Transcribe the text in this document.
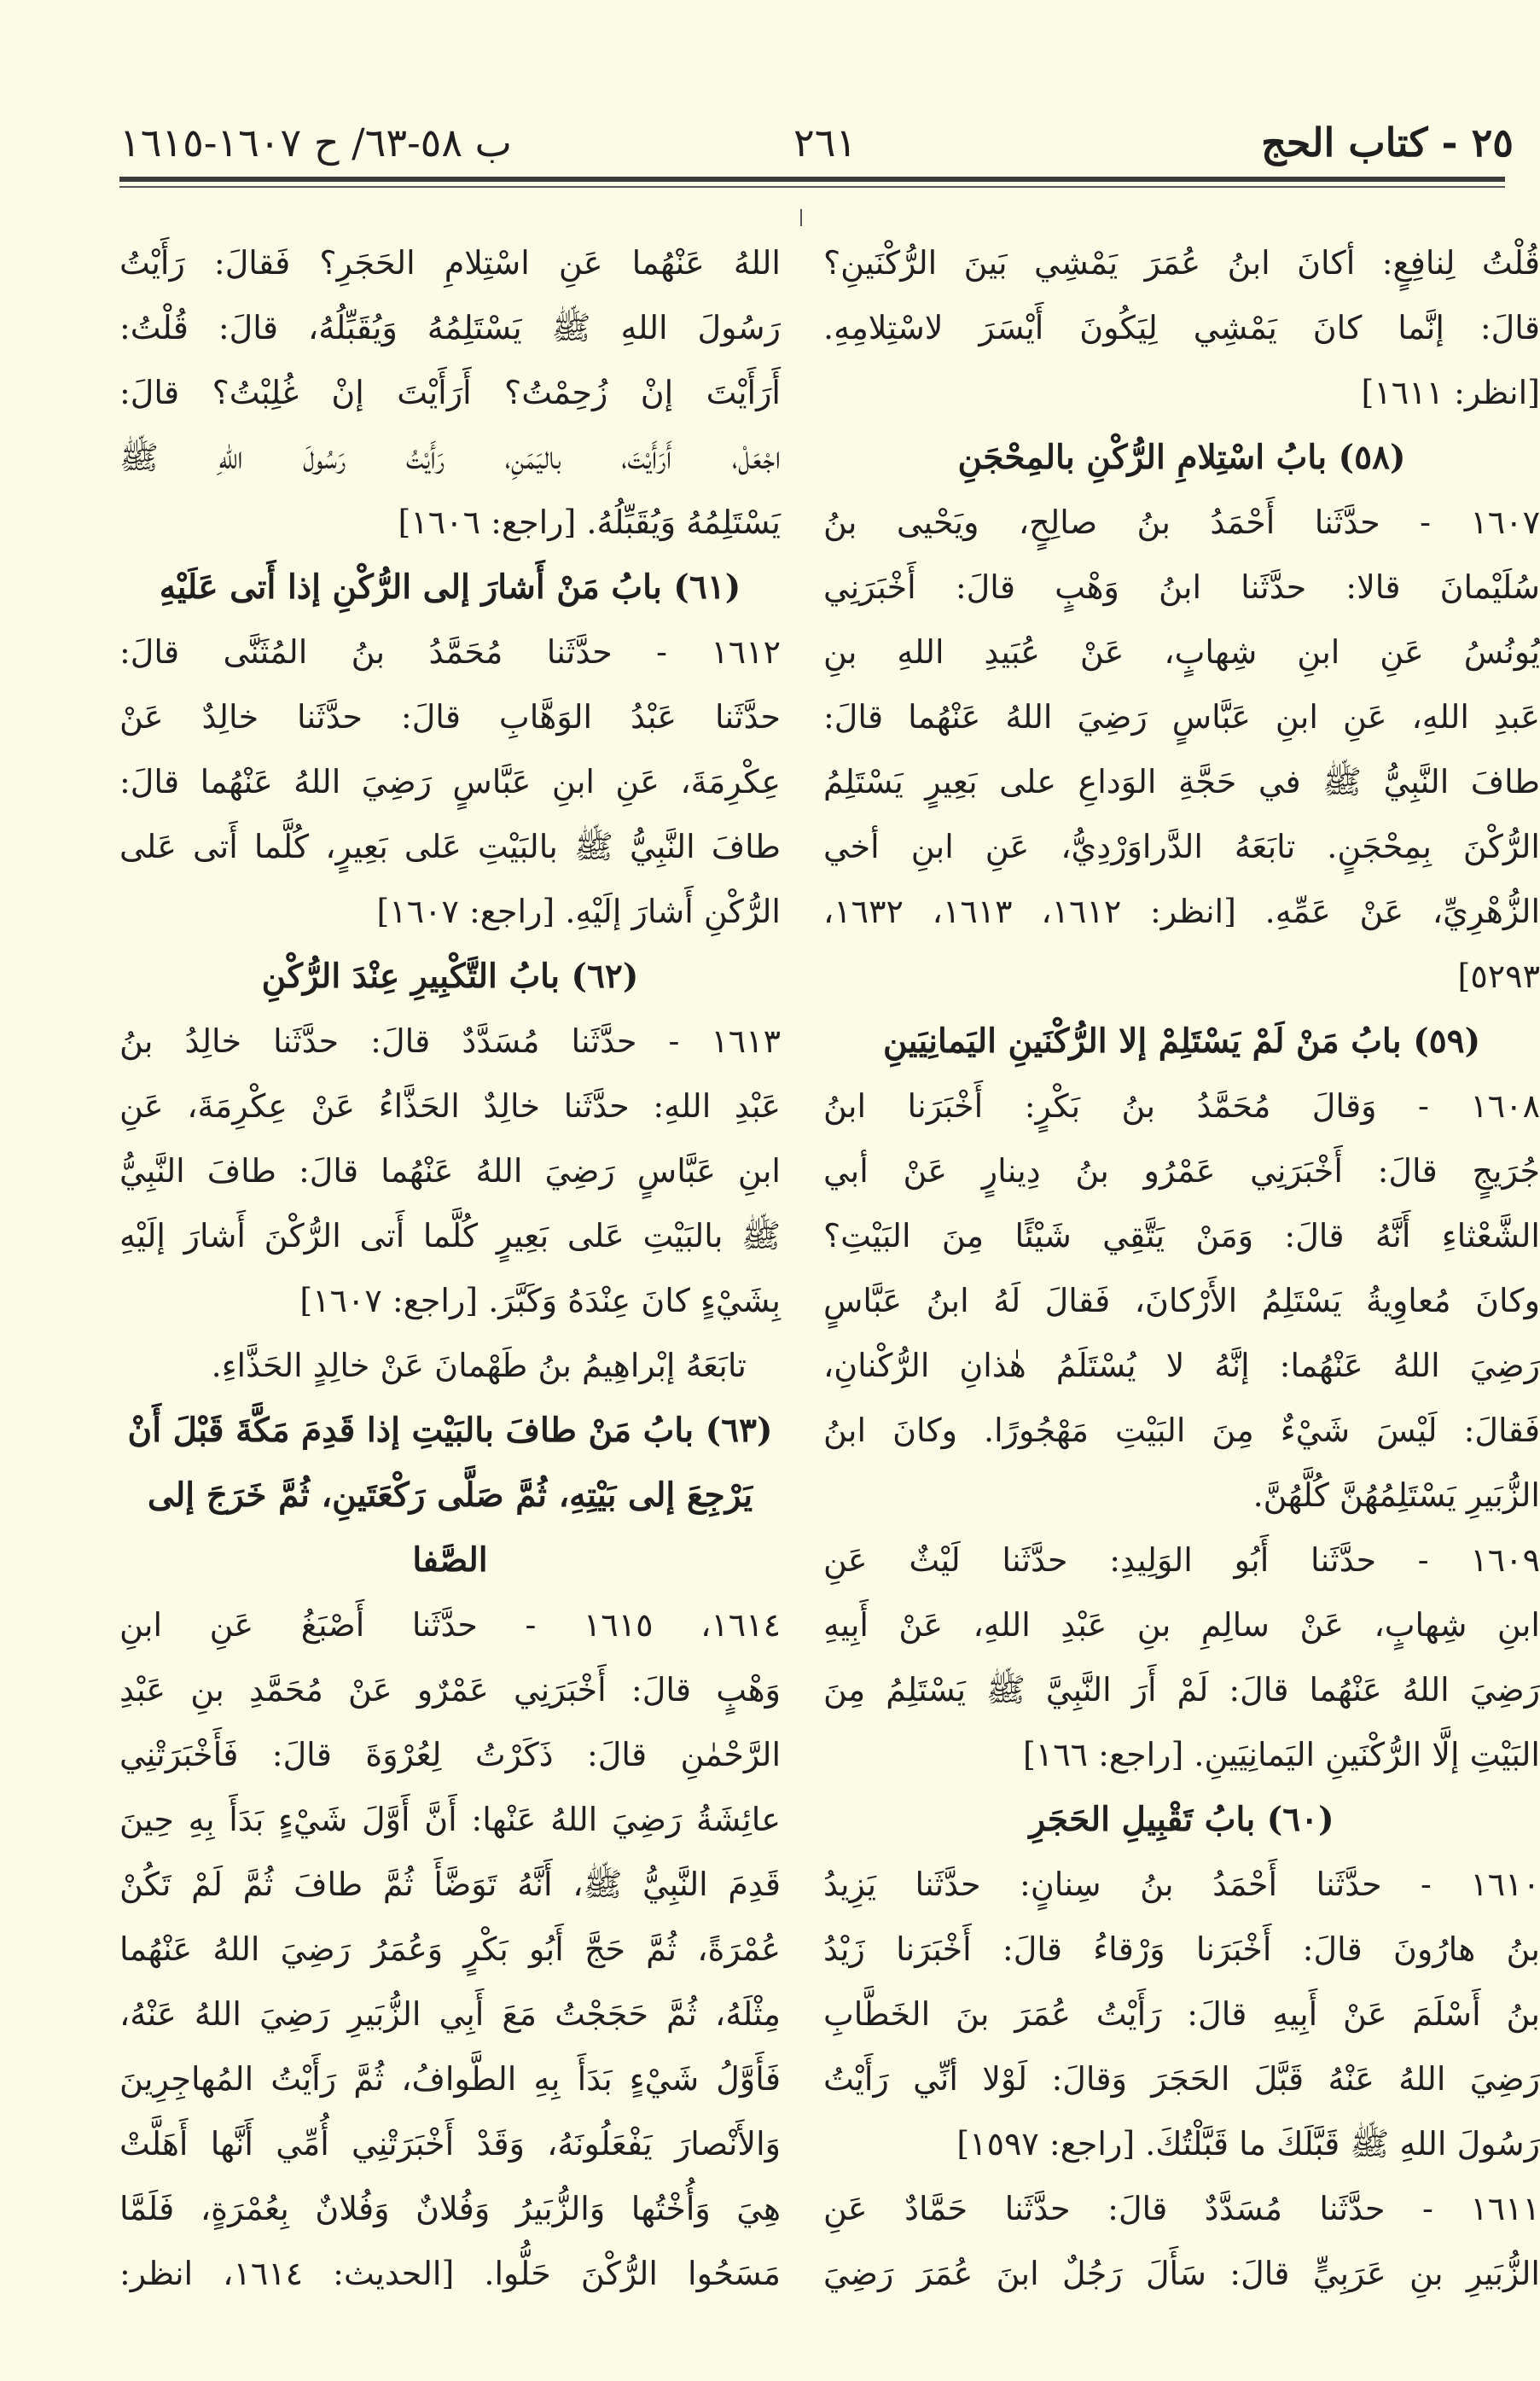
٢٥ - كتاب الحج
٢٦١
ب ٥٨-٦٣/ ح ١٦٠٧-١٦١٥
قُلْتُ لِنافِعٍ: أكانَ ابنُ عُمَرَ يَمْشِي بَينَ الرُّكْنَينِ؟
قالَ: إنَّما كانَ يَمْشِي لِيَكُونَ أَيْسَرَ لاسْتِلامِهِ.
[انظر: ١٦١١]
(٥٨) بابُ اسْتِلامِ الرُّكْنِ بالمِحْجَنِ
١٦٠٧ - حدَّثَنا أَحْمَدُ بنُ صالِحٍ، ويَحْيى بنُ
سُلَيْمانَ قالا: حدَّثَنا ابنُ وَهْبٍ قالَ: أَخْبَرَنِي
يُونُسُ عَنِ ابنِ شِهابٍ، عَنْ عُبَيدِ اللهِ بنِ
عَبدِ اللهِ، عَنِ ابنِ عَبَّاسٍ رَضِيَ اللهُ عَنْهُما قالَ:
طافَ النَّبِيُّ ﷺ في حَجَّةِ الوَداعِ على بَعِيرٍ يَسْتَلِمُ
الرُّكْنَ بِمِحْجَنٍ. تابَعَهُ الدَّراوَرْدِيُّ، عَنِ ابنِ أخي
الزُّهْرِيِّ، عَنْ عَمِّهِ. [انظر: ١٦١٢، ١٦١٣، ١٦٣٢،
٥٢٩٣]
(٥٩) بابُ مَنْ لَمْ يَسْتَلِمْ إلا الرُّكْنَينِ اليَمانِيَينِ
١٦٠٨ - وَقالَ مُحَمَّدُ بنُ بَكْرٍ: أَخْبَرَنا ابنُ
جُرَيجٍ قالَ: أَخْبَرَنِي عَمْرُو بنُ دِينارٍ عَنْ أبي
الشَّعْثاءِ أَنَّهُ قالَ: وَمَنْ يَتَّقِي شَيْئًا مِنَ البَيْتِ؟
وكانَ مُعاوِيةُ يَسْتَلِمُ الأَرْكانَ، فَقالَ لَهُ ابنُ عَبَّاسٍ
رَضِيَ اللهُ عَنْهُما: إنَّهُ لا يُسْتَلَمُ هٰذانِ الرُّكْنانِ،
فَقالَ: لَيْسَ شَيْءٌ مِنَ البَيْتِ مَهْجُورًا. وكانَ ابنُ
الزُّبَيرِ يَسْتَلِمُهُنَّ كُلَّهُنَّ.
١٦٠٩ - حدَّثَنا أَبُو الوَلِيدِ: حدَّثَنا لَيْثٌ عَنِ
ابنِ شِهابٍ، عَنْ سالِمِ بنِ عَبْدِ اللهِ، عَنْ أَبِيهِ
رَضِيَ اللهُ عَنْهُما قالَ: لَمْ أَرَ النَّبِيَّ ﷺ يَسْتَلِمُ مِنَ
البَيْتِ إلَّا الرُّكْنَينِ اليَمانِيَينِ. [راجع: ١٦٦]
(٦٠) بابُ تَقْبِيلِ الحَجَرِ
١٦١٠ - حدَّثَنا أَحْمَدُ بنُ سِنانٍ: حدَّثَنا يَزِيدُ
بنُ هارُونَ قالَ: أَخْبَرَنا وَرْقاءُ قالَ: أَخْبَرَنا زَيْدُ
بنُ أَسْلَمَ عَنْ أَبِيهِ قالَ: رَأَيْتُ عُمَرَ بنَ الخَطَّابِ
رَضِيَ اللهُ عَنْهُ قَبَّلَ الحَجَرَ وَقالَ: لَوْلا أنِّي رَأَيْتُ
رَسُولَ اللهِ ﷺ قَبَّلَكَ ما قَبَّلْتُكَ. [راجع: ١٥٩٧]
١٦١١ - حدَّثَنا مُسَدَّدٌ قالَ: حدَّثَنا حَمَّادٌ عَنِ
الزُّبَيرِ بنِ عَرَبِيٍّ قالَ: سَأَلَ رَجُلٌ ابنَ عُمَرَ رَضِيَ
اللهُ عَنْهُما عَنِ اسْتِلامِ الحَجَرِ؟ فَقالَ: رَأَيْتُ
رَسُولَ اللهِ ﷺ يَسْتَلِمُهُ وَيُقَبِّلُهُ، قالَ: قُلْتُ:
أَرَأَيْتَ إنْ زُحِمْتُ؟ أَرَأَيْتَ إنْ غُلِبْتُ؟ قالَ:
اجْعَلْ، أَرَأَيْتَ، باليَمَنِ، رَأَيْتُ رَسُولَ اللهِ ﷺ
يَسْتَلِمُهُ وَيُقَبِّلُهُ. [راجع: ١٦٠٦]
(٦١) بابُ مَنْ أَشارَ إلى الرُّكْنِ إذا أَتى عَلَيْهِ
١٦١٢ - حدَّثَنا مُحَمَّدُ بنُ المُثَنَّى قالَ:
حدَّثَنا عَبْدُ الوَهَّابِ قالَ: حدَّثَنا خالِدٌ عَنْ
عِكْرِمَةَ، عَنِ ابنِ عَبَّاسٍ رَضِيَ اللهُ عَنْهُما قالَ:
طافَ النَّبِيُّ ﷺ بالبَيْتِ عَلى بَعِيرٍ، كُلَّما أَتى عَلى
الرُّكْنِ أَشارَ إلَيْهِ. [راجع: ١٦٠٧]
(٦٢) بابُ التَّكْبِيرِ عِنْدَ الرُّكْنِ
١٦١٣ - حدَّثَنا مُسَدَّدٌ قالَ: حدَّثَنا خالِدُ بنُ
عَبْدِ اللهِ: حدَّثَنا خالِدٌ الحَذَّاءُ عَنْ عِكْرِمَةَ، عَنِ
ابنِ عَبَّاسٍ رَضِيَ اللهُ عَنْهُما قالَ: طافَ النَّبِيُّ
ﷺ بالبَيْتِ عَلى بَعِيرٍ كُلَّما أَتى الرُّكْنَ أَشارَ إلَيْهِ
بِشَيْءٍ كانَ عِنْدَهُ وَكَبَّرَ. [راجع: ١٦٠٧]
تابَعَهُ إبْراهِيمُ بنُ طَهْمانَ عَنْ خالِدٍ الحَذَّاءِ.
(٦٣) بابُ مَنْ طافَ بالبَيْتِ إذا قَدِمَ مَكَّةَ قَبْلَ أَنْ
يَرْجِعَ إلى بَيْتِهِ، ثُمَّ صَلَّى رَكْعَتَينِ، ثُمَّ خَرَجَ إلى
الصَّفا
١٦١٤، ١٦١٥ - حدَّثَنا أَصْبَغُ عَنِ ابنِ
وَهْبٍ قالَ: أَخْبَرَنِي عَمْرٌو عَنْ مُحَمَّدِ بنِ عَبْدِ
الرَّحْمٰنِ قالَ: ذَكَرْتُ لِعُرْوَةَ قالَ: فَأَخْبَرَتْنِي
عائِشَةُ رَضِيَ اللهُ عَنْها: أَنَّ أَوَّلَ شَيْءٍ بَدَأَ بِهِ حِينَ
قَدِمَ النَّبِيُّ ﷺ، أَنَّهُ تَوَضَّأَ ثُمَّ طافَ ثُمَّ لَمْ تَكُنْ
عُمْرَةً، ثُمَّ حَجَّ أَبُو بَكْرٍ وَعُمَرُ رَضِيَ اللهُ عَنْهُما
مِثْلَهُ، ثُمَّ حَجَجْتُ مَعَ أَبِي الزُّبَيرِ رَضِيَ اللهُ عَنْهُ،
فَأَوَّلُ شَيْءٍ بَدَأَ بِهِ الطَّوافُ، ثُمَّ رَأَيْتُ المُهاجِرِينَ
وَالأَنْصارَ يَفْعَلُونَهُ، وَقَدْ أَخْبَرَتْنِي أُمِّي أَنَّها أَهَلَّتْ
هِيَ وَأُخْتُها وَالزُّبَيرُ وَفُلانٌ وَفُلانٌ بِعُمْرَةٍ، فَلَمَّا
مَسَحُوا الرُّكْنَ حَلُّوا. [الحديث: ١٦١٤، انظر:
